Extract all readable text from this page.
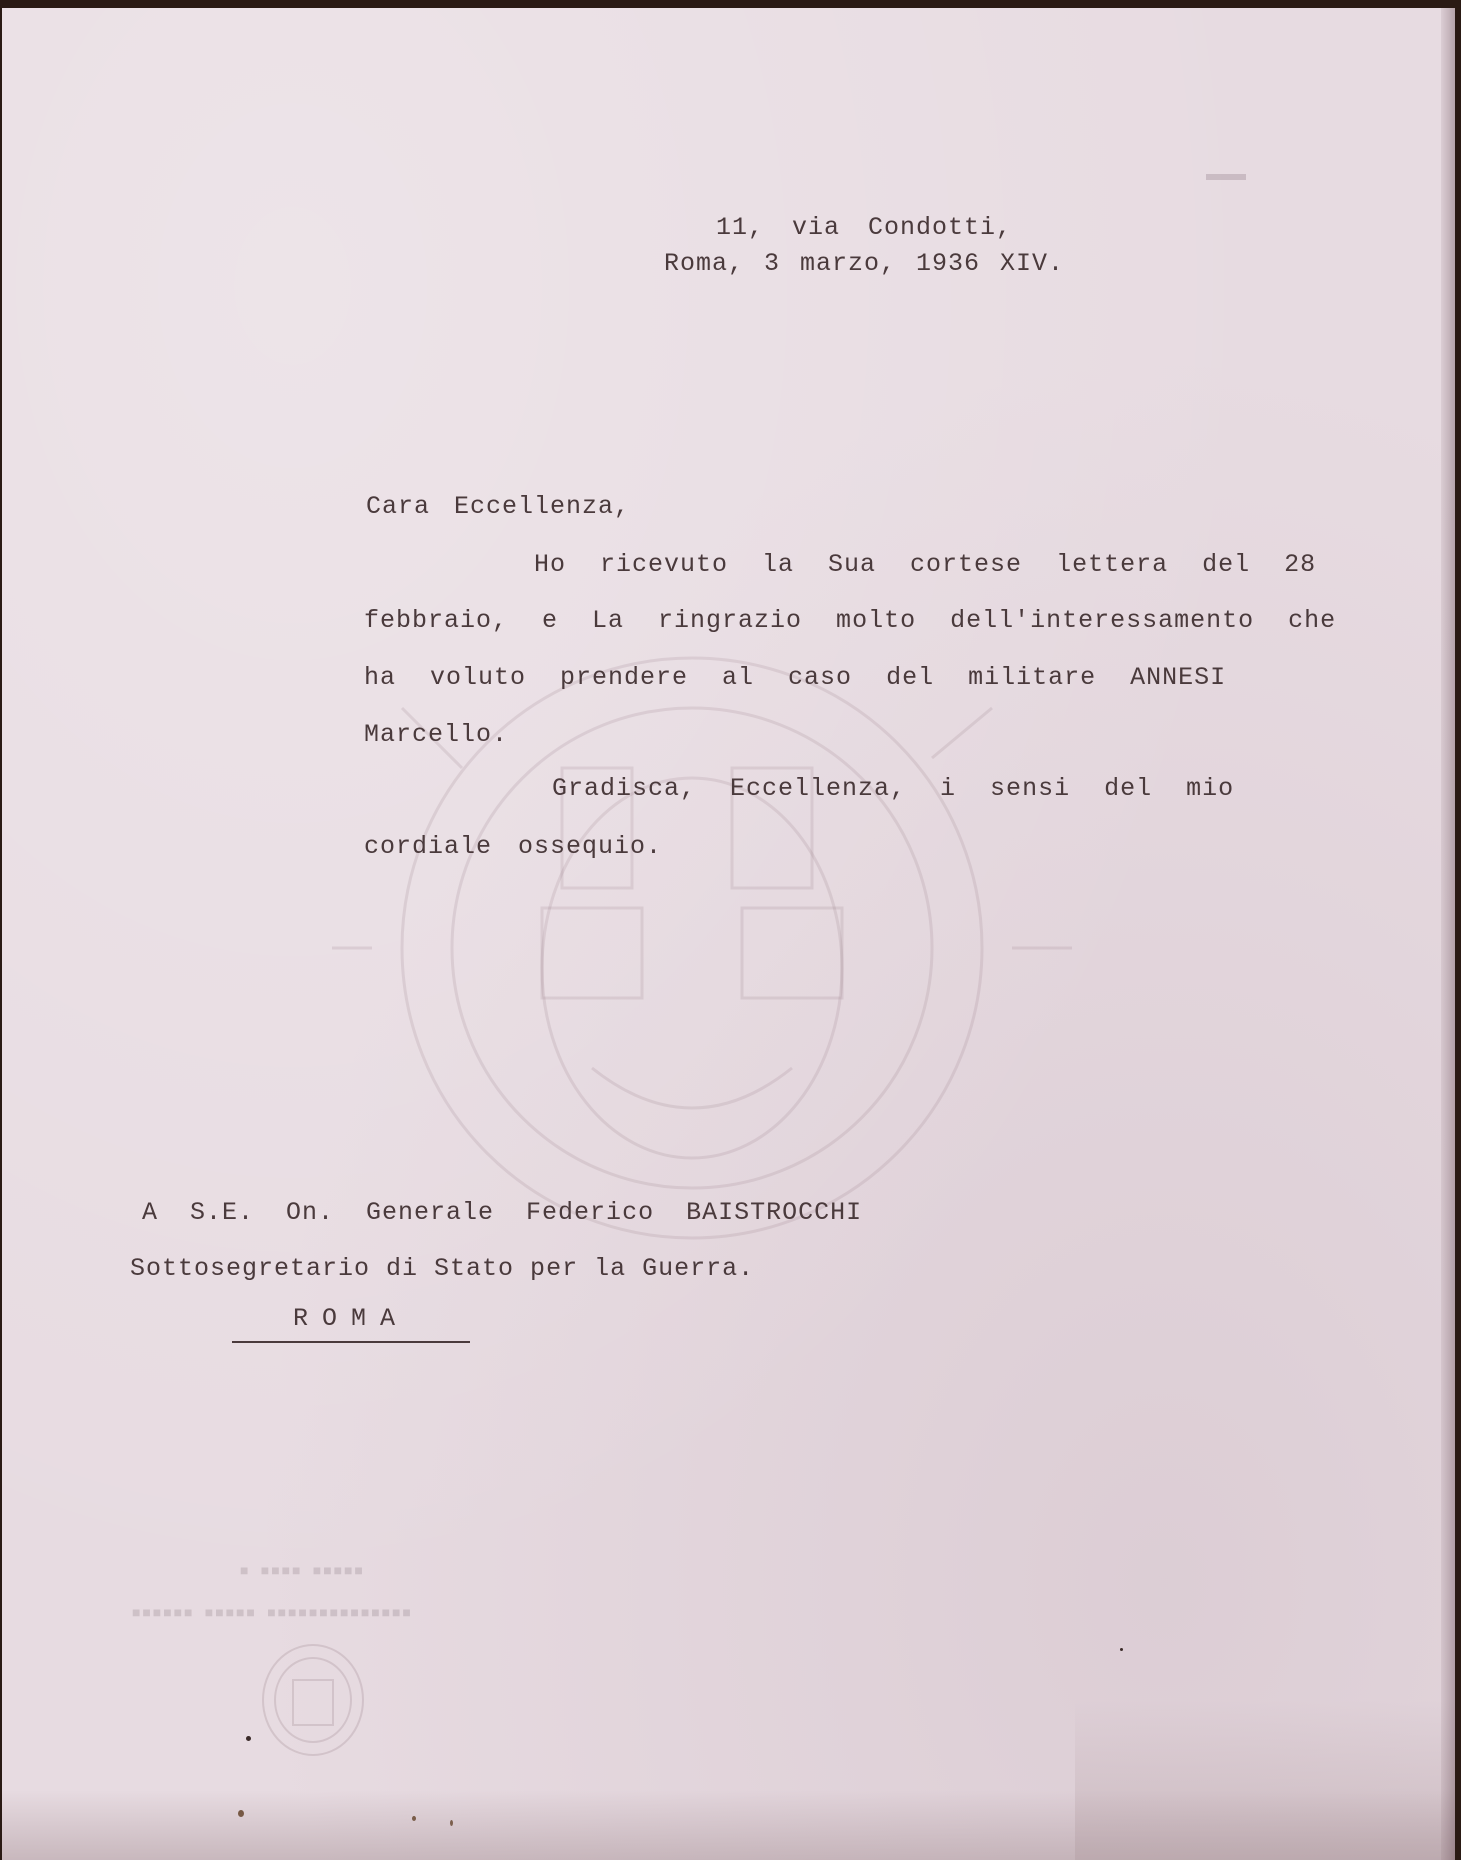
■ ■■■■ ■■■■■
■■■■■■ ■■■■■ ■■■■■■■■■■■■■■
11, via Condotti,
Roma, 3 marzo, 1936 XIV.
Cara Eccellenza,
Ho ricevuto la Sua cortese lettera del 28
febbraio, e La ringrazio molto dell'interessamento che
ha voluto prendere al caso del militare ANNESI
Marcello.
Gradisca, Eccellenza, i sensi del mio
cordiale ossequio.
A S.E. On. Generale Federico BAISTROCCHI
Sottosegretario di Stato per la Guerra.
ROMA
